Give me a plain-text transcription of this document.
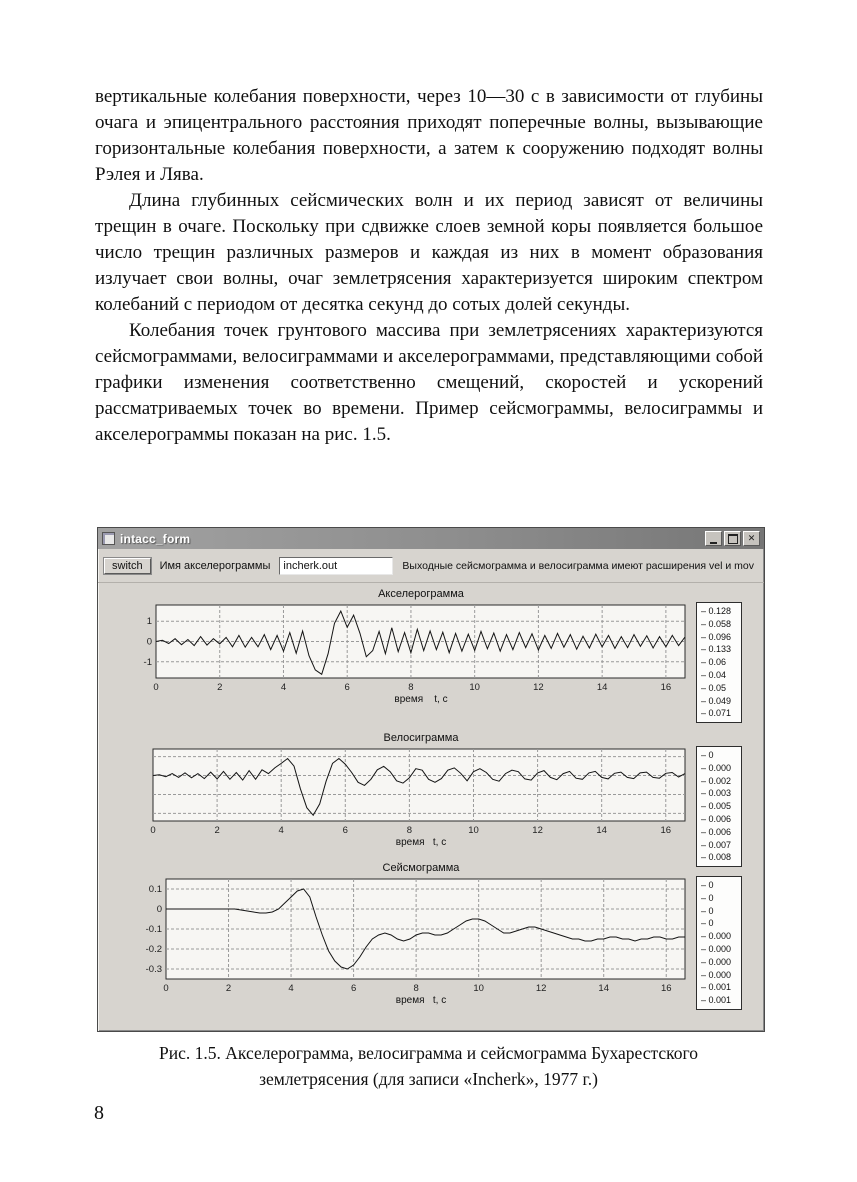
вертикальные колебания поверхности, через 10—30 с в зависимости от глубины очага и эпицентрального расстояния приходят поперечные волны, вызывающие горизонтальные колебания поверхности, а затем к сооружению подходят волны Рэлея и Лява.

Длина глубинных сейсмических волн и их период зависят от величины трещин в очаге. Поскольку при сдвижке слоев земной коры появляется большое число трещин различных размеров и каждая из них в момент образования излучает свои волны, очаг землетрясения характеризуется широким спектром колебаний с периодом от десятка секунд до сотых долей секунды.

Колебания точек грунтового массива при землетрясениях характеризуются сейсмограммами, велосиграммами и акселерограммами, представляющими собой графики изменения соответственно смещений, скоростей и ускорений рассматриваемых точек во времени. Пример сейсмограммы, велосиграммы и акселерограммы показан на рис. 1.5.

intacc_form	✕
switch	Имя акселерограммы
incherk.out	Выходные сейсмограмма и велосиграмма имеют расширения vel и mov
Акселерограмма
0	2	4	6	8	10	12	14	16
1
0
-1
– 0.128
– 0.058
– 0.096
– 0.133
– 0.06
– 0.04
– 0.05
– 0.049
– 0.071
время    t, с
Велосиграмма
0	2	4	6	8	10	12	14	16
– 0
– 0.000
– 0.002
– 0.003
– 0.005
– 0.006
– 0.006
– 0.007
– 0.008
время   t, с
Сейсмограмма
0	2	4	6	8	10	12	14	16
0.1
0
-0.1
-0.2
-0.3
– 0
– 0
– 0
– 0
– 0.000
– 0.000
– 0.000
– 0.000
– 0.001
– 0.001
время   t, с
Рис. 1.5. Акселерограмма, велосиграмма и сейсмограмма Бухарестского
землетрясения (для записи «Incherk», 1977 г.)
8
